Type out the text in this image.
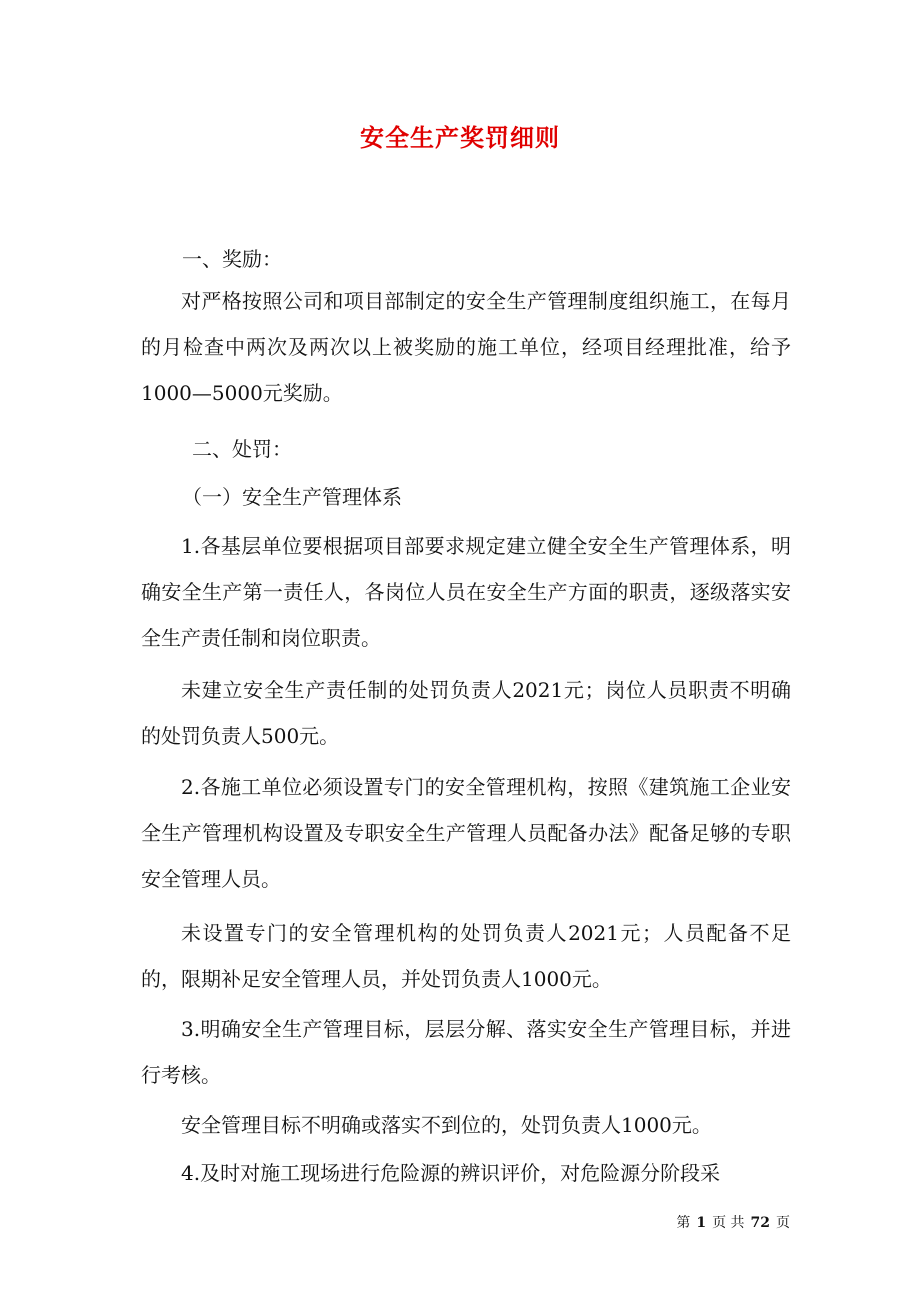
安全生产奖罚细则

一、奖励：

对严格按照公司和项目部制定的安全生产管理制度组织施工，在每月的月检查中两次及两次以上被奖励的施工单位，经项目经理批准，给予1000—5000元奖励。

二、处罚：

（一）安全生产管理体系

1.各基层单位要根据项目部要求规定建立健全安全生产管理体系，明确安全生产第一责任人，各岗位人员在安全生产方面的职责，逐级落实安全生产责任制和岗位职责。

未建立安全生产责任制的处罚负责人2021元；岗位人员职责不明确的处罚负责人500元。

2.各施工单位必须设置专门的安全管理机构，按照《建筑施工企业安全生产管理机构设置及专职安全生产管理人员配备办法》配备足够的专职安全管理人员。

未设置专门的安全管理机构的处罚负责人2021元；人员配备不足的，限期补足安全管理人员，并处罚负责人1000元。

3.明确安全生产管理目标，层层分解、落实安全生产管理目标，并进行考核。

安全管理目标不明确或落实不到位的，处罚负责人1000元。

4.及时对施工现场进行危险源的辨识评价，对危险源分阶段采

第 1 页 共 72 页
